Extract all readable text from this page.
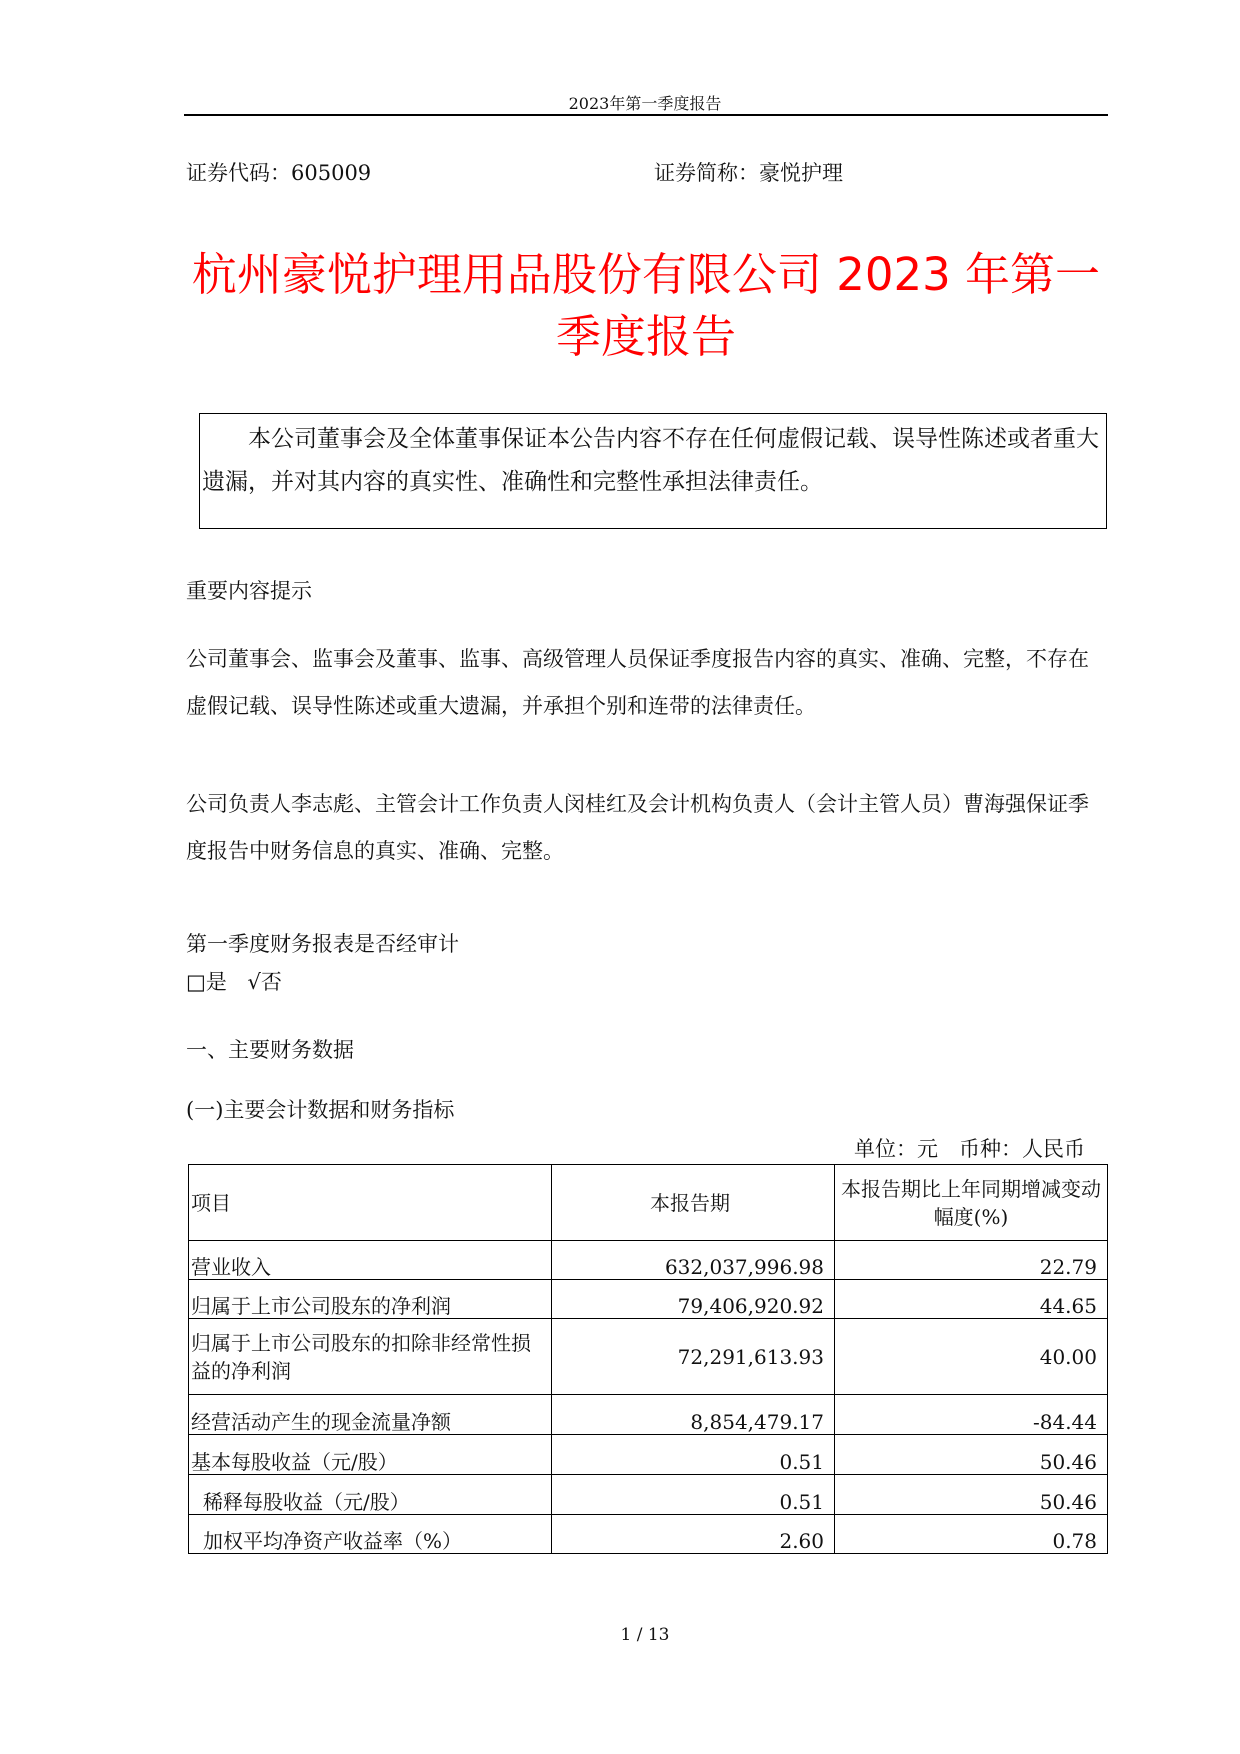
2023年第一季度报告
证券代码：605009	证券简称：豪悦护理
杭州豪悦护理用品股份有限公司 2023 年第一季度报告

本公司董事会及全体董事保证本公告内容不存在任何虚假记载、误导性陈述或者重大遗漏，并对其内容的真实性、准确性和完整性承担法律责任。

重要内容提示
公司董事会、监事会及董事、监事、高级管理人员保证季度报告内容的真实、准确、完整，不存在虚假记载、误导性陈述或重大遗漏，并承担个别和连带的法律责任。
公司负责人李志彪、主管会计工作负责人闵桂红及会计机构负责人（会计主管人员）曹海强保证季度报告中财务信息的真实、准确、完整。
第一季度财务报表是否经审计
□是 √否
一、主要财务数据
(一)主要会计数据和财务指标
单位：元　币种：人民币
项目	本报告期	本报告期比上年同期增减变动幅度(%)
营业收入	632,037,996.98	22.79
归属于上市公司股东的净利润	79,406,920.92	44.65
归属于上市公司股东的扣除非经常性损益的净利润	72,291,613.93	40.00
经营活动产生的现金流量净额	8,854,479.17	-84.44
基本每股收益（元/股）	0.51	50.46
稀释每股收益（元/股）	0.51	50.46
加权平均净资产收益率（%）	2.60	0.78
1 / 13
